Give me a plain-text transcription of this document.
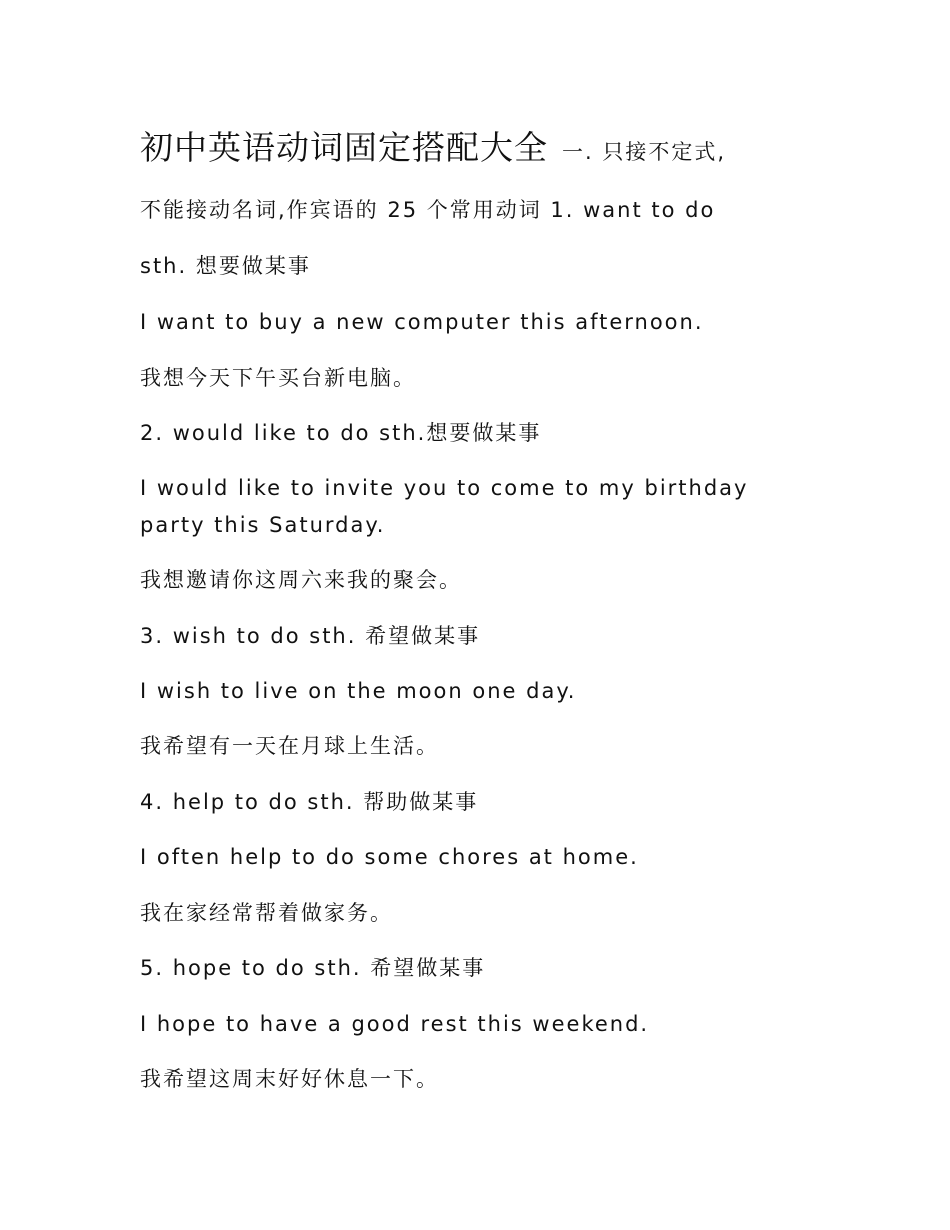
初中英语动词固定搭配大全 一. 只接不定式,
不能接动名词,作宾语的 25 个常用动词 1. want to do
sth. 想要做某事
I want to buy a new computer this afternoon.
我想今天下午买台新电脑。
2. would like to do sth.想要做某事
I would like to invite you to come to my birthday
party this Saturday.
我想邀请你这周六来我的聚会。
3. wish to do sth. 希望做某事
I wish to live on the moon one day.
我希望有一天在月球上生活。
4. help to do sth. 帮助做某事
I often help to do some chores at home.
我在家经常帮着做家务。
5. hope to do sth. 希望做某事
I hope to have a good rest this weekend.
我希望这周末好好休息一下。
